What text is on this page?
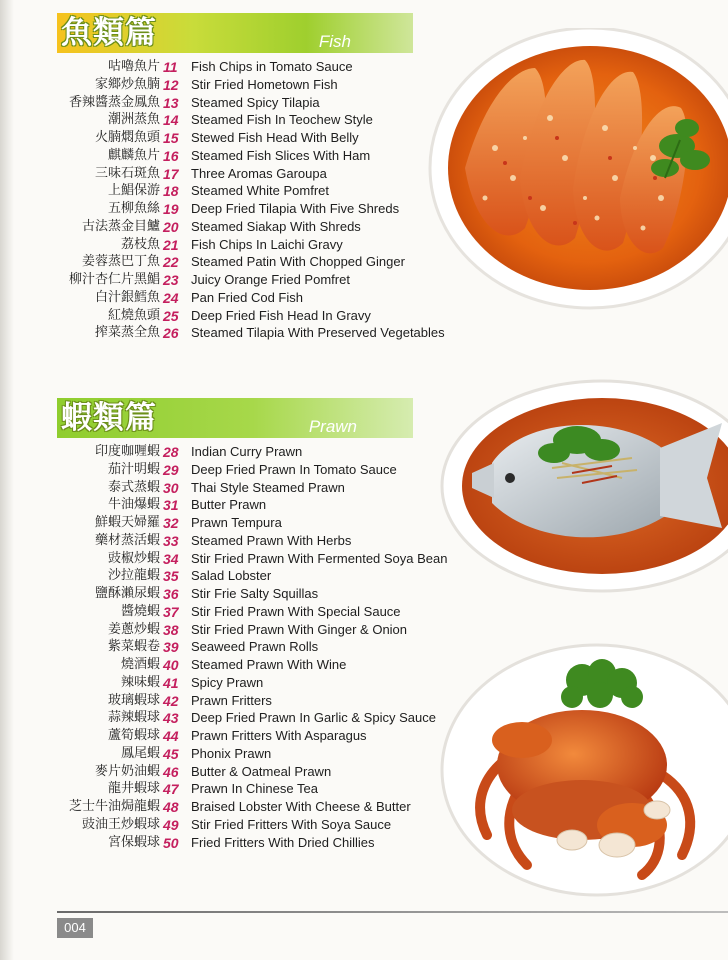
魚類篇	Fish
咕嚕魚片 11	Fish Chips in Tomato Sauce
家鄉炒魚腩 12 Stir Fried Hometown Fish
香辣醬蒸金鳳魚 13 Steamed Spicy Tilapia
潮洲蒸魚 14 Steamed Fish In Teochew Style
火腩燜魚頭 15 Stewed Fish Head With Belly
麒麟魚片 16 Steamed Fish Slices With Ham
三味石斑魚 17 Three Aromas Garoupa
上鯧保游 18 Steamed White Pomfret
五柳魚絲 19 Deep Fried Tilapia With Five Shreds
古法蒸金目鱸 20 Steamed Siakap With Shreds
荔枝魚 21 Fish Chips In Laichi Gravy
姜蓉蒸巴丁魚 22 Steamed Patin With Chopped Ginger
柳汁杏仁片黑鯧 23 Juicy Orange Fried Pomfret
白汁銀鱈魚 24 Pan Fried Cod Fish
紅燒魚頭 25 Deep Fried Fish Head In Gravy
搾菜蒸全魚 26 Steamed Tilapia With Preserved Vegetables
蝦類篇	Prawn
印度咖喱蝦 28 Indian Curry Prawn
茄汁明蝦 29 Deep Fried Prawn In Tomato Sauce
泰式蒸蝦 30 Thai Style Steamed Prawn
牛油爆蝦 31 Butter Prawn
鮮蝦天婦羅 32 Prawn Tempura
藥材蒸活蝦 33 Steamed Prawn With Herbs
豉椒炒蝦 34 Stir Fried Prawn With Fermented Soya Bean
沙拉龍蝦 35 Salad Lobster
鹽酥瀨尿蝦 36 Stir Frie Salty Squillas
醬燒蝦 37 Stir Fried Prawn With Special Sauce
姜蔥炒蝦 38 Stir Fried Prawn With Ginger & Onion
紫菜蝦卷 39 Seaweed Prawn Rolls
燒酒蝦 40 Steamed Prawn With Wine
辣味蝦 41 Spicy Prawn
玻璃蝦球 42 Prawn Fritters
蒜辣蝦球 43 Deep Fried Prawn In Garlic & Spicy Sauce
蘆筍蝦球 44 Prawn Fritters With Asparagus
鳳尾蝦 45 Phonix Prawn
麥片奶油蝦 46 Butter & Oatmeal Prawn
龍井蝦球 47 Prawn In Chinese Tea
芝士牛油焗龍蝦 48 Braised Lobster With Cheese & Butter
豉油王炒蝦球 49 Stir Fried Fritters With Soya Sauce
宮保蝦球 50 Fried Fritters With Dried Chillies
004
